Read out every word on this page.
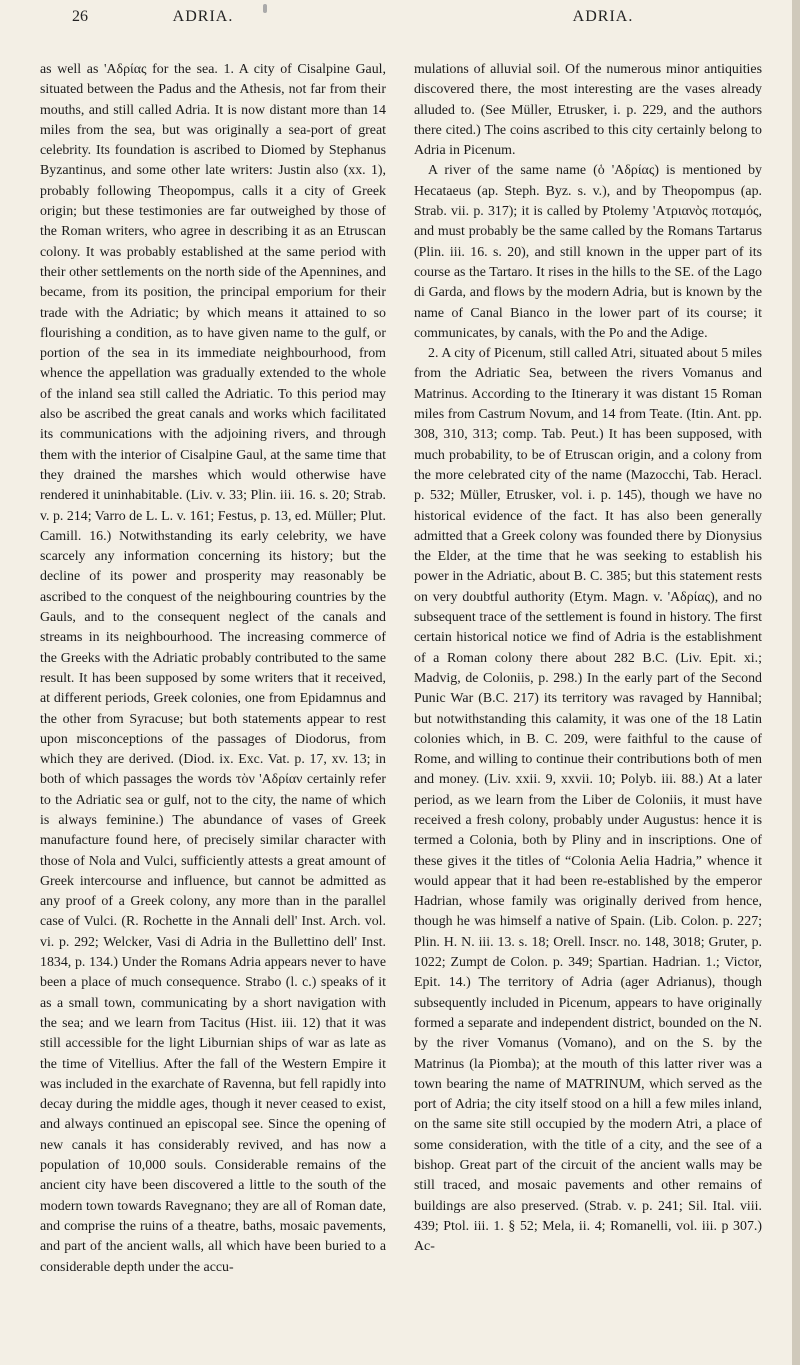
26	ADRIA.	ADRIA.

as well as 'Αδρίας for the sea. 1. A city of Cisalpine Gaul, situated between the Padus and the Athesis, not far from their mouths, and still called Adria. It is now distant more than 14 miles from the sea, but was originally a sea-port of great celebrity. Its foundation is ascribed to Diomed by Stephanus Byzantinus, and some other late writers: Justin also (xx. 1), probably following Theopompus, calls it a city of Greek origin; but these testimonies are far outweighed by those of the Roman writers, who agree in describing it as an Etruscan colony. It was probably established at the same period with their other settlements on the north side of the Apennines, and became, from its position, the principal emporium for their trade with the Adriatic; by which means it attained to so flourishing a condition, as to have given name to the gulf, or portion of the sea in its immediate neighbourhood, from whence the appellation was gradually extended to the whole of the inland sea still called the Adriatic. To this period may also be ascribed the great canals and works which facilitated its communications with the adjoining rivers, and through them with the interior of Cisalpine Gaul, at the same time that they drained the marshes which would otherwise have rendered it uninhabitable. (Liv. v. 33; Plin. iii. 16. s. 20; Strab. v. p. 214; Varro de L. L. v. 161; Festus, p. 13, ed. Müller; Plut. Camill. 16.) Notwithstanding its early celebrity, we have scarcely any information concerning its history; but the decline of its power and prosperity may reasonably be ascribed to the conquest of the neighbouring countries by the Gauls, and to the consequent neglect of the canals and streams in its neighbourhood. The increasing commerce of the Greeks with the Adriatic probably contributed to the same result. It has been supposed by some writers that it received, at different periods, Greek colonies, one from Epidamnus and the other from Syracuse; but both statements appear to rest upon misconceptions of the passages of Diodorus, from which they are derived. (Diod. ix. Exc. Vat. p. 17, xv. 13; in both of which passages the words τὸν 'Αδρίαν certainly refer to the Adriatic sea or gulf, not to the city, the name of which is always feminine.) The abundance of vases of Greek manufacture found here, of precisely similar character with those of Nola and Vulci, sufficiently attests a great amount of Greek intercourse and influence, but cannot be admitted as any proof of a Greek colony, any more than in the parallel case of Vulci. (R. Rochette in the Annali dell' Inst. Arch. vol. vi. p. 292; Welcker, Vasi di Adria in the Bullettino dell' Inst. 1834, p. 134.) Under the Romans Adria appears never to have been a place of much consequence. Strabo (l. c.) speaks of it as a small town, communicating by a short navigation with the sea; and we learn from Tacitus (Hist. iii. 12) that it was still accessible for the light Liburnian ships of war as late as the time of Vitellius. After the fall of the Western Empire it was included in the exarchate of Ravenna, but fell rapidly into decay during the middle ages, though it never ceased to exist, and always continued an episcopal see. Since the opening of new canals it has considerably revived, and has now a population of 10,000 souls. Considerable remains of the ancient city have been discovered a little to the south of the modern town towards Ravegnano; they are all of Roman date, and comprise the ruins of a theatre, baths, mosaic pavements, and part of the ancient walls, all which have been buried to a considerable depth under the accu-

mulations of alluvial soil. Of the numerous minor antiquities discovered there, the most interesting are the vases already alluded to. (See Müller, Etrusker, i. p. 229, and the authors there cited.) The coins ascribed to this city certainly belong to Adria in Picenum.

A river of the same name (ὁ 'Αδρίας) is mentioned by Hecataeus (ap. Steph. Byz. s. v.), and by Theopompus (ap. Strab. vii. p. 317); it is called by Ptolemy 'Ατριανὸς ποταμός, and must probably be the same called by the Romans Tartarus (Plin. iii. 16. s. 20), and still known in the upper part of its course as the Tartaro. It rises in the hills to the SE. of the Lago di Garda, and flows by the modern Adria, but is known by the name of Canal Bianco in the lower part of its course; it communicates, by canals, with the Po and the Adige.

2. A city of Picenum, still called Atri, situated about 5 miles from the Adriatic Sea, between the rivers Vomanus and Matrinus. According to the Itinerary it was distant 15 Roman miles from Castrum Novum, and 14 from Teate. (Itin. Ant. pp. 308, 310, 313; comp. Tab. Peut.) It has been supposed, with much probability, to be of Etruscan origin, and a colony from the more celebrated city of the name (Mazocchi, Tab. Heracl. p. 532; Müller, Etrusker, vol. i. p. 145), though we have no historical evidence of the fact. It has also been generally admitted that a Greek colony was founded there by Dionysius the Elder, at the time that he was seeking to establish his power in the Adriatic, about B. C. 385; but this statement rests on very doubtful authority (Etym. Magn. v. 'Αδρίας), and no subsequent trace of the settlement is found in history. The first certain historical notice we find of Adria is the establishment of a Roman colony there about 282 B.C. (Liv. Epit. xi.; Madvig, de Coloniis, p. 298.) In the early part of the Second Punic War (B.C. 217) its territory was ravaged by Hannibal; but notwithstanding this calamity, it was one of the 18 Latin colonies which, in B. C. 209, were faithful to the cause of Rome, and willing to continue their contributions both of men and money. (Liv. xxii. 9, xxvii. 10; Polyb. iii. 88.) At a later period, as we learn from the Liber de Coloniis, it must have received a fresh colony, probably under Augustus: hence it is termed a Colonia, both by Pliny and in inscriptions. One of these gives it the titles of “Colonia Aelia Hadria,” whence it would appear that it had been re-established by the emperor Hadrian, whose family was originally derived from hence, though he was himself a native of Spain. (Lib. Colon. p. 227; Plin. H. N. iii. 13. s. 18; Orell. Inscr. no. 148, 3018; Gruter, p. 1022; Zumpt de Colon. p. 349; Spartian. Hadrian. 1.; Victor, Epit. 14.) The territory of Adria (ager Adrianus), though subsequently included in Picenum, appears to have originally formed a separate and independent district, bounded on the N. by the river Vomanus (Vomano), and on the S. by the Matrinus (la Piomba); at the mouth of this latter river was a town bearing the name of MATRINUM, which served as the port of Adria; the city itself stood on a hill a few miles inland, on the same site still occupied by the modern Atri, a place of some consideration, with the title of a city, and the see of a bishop. Great part of the circuit of the ancient walls may be still traced, and mosaic pavements and other remains of buildings are also preserved. (Strab. v. p. 241; Sil. Ital. viii. 439; Ptol. iii. 1. § 52; Mela, ii. 4; Romanelli, vol. iii. p 307.) Ac-
